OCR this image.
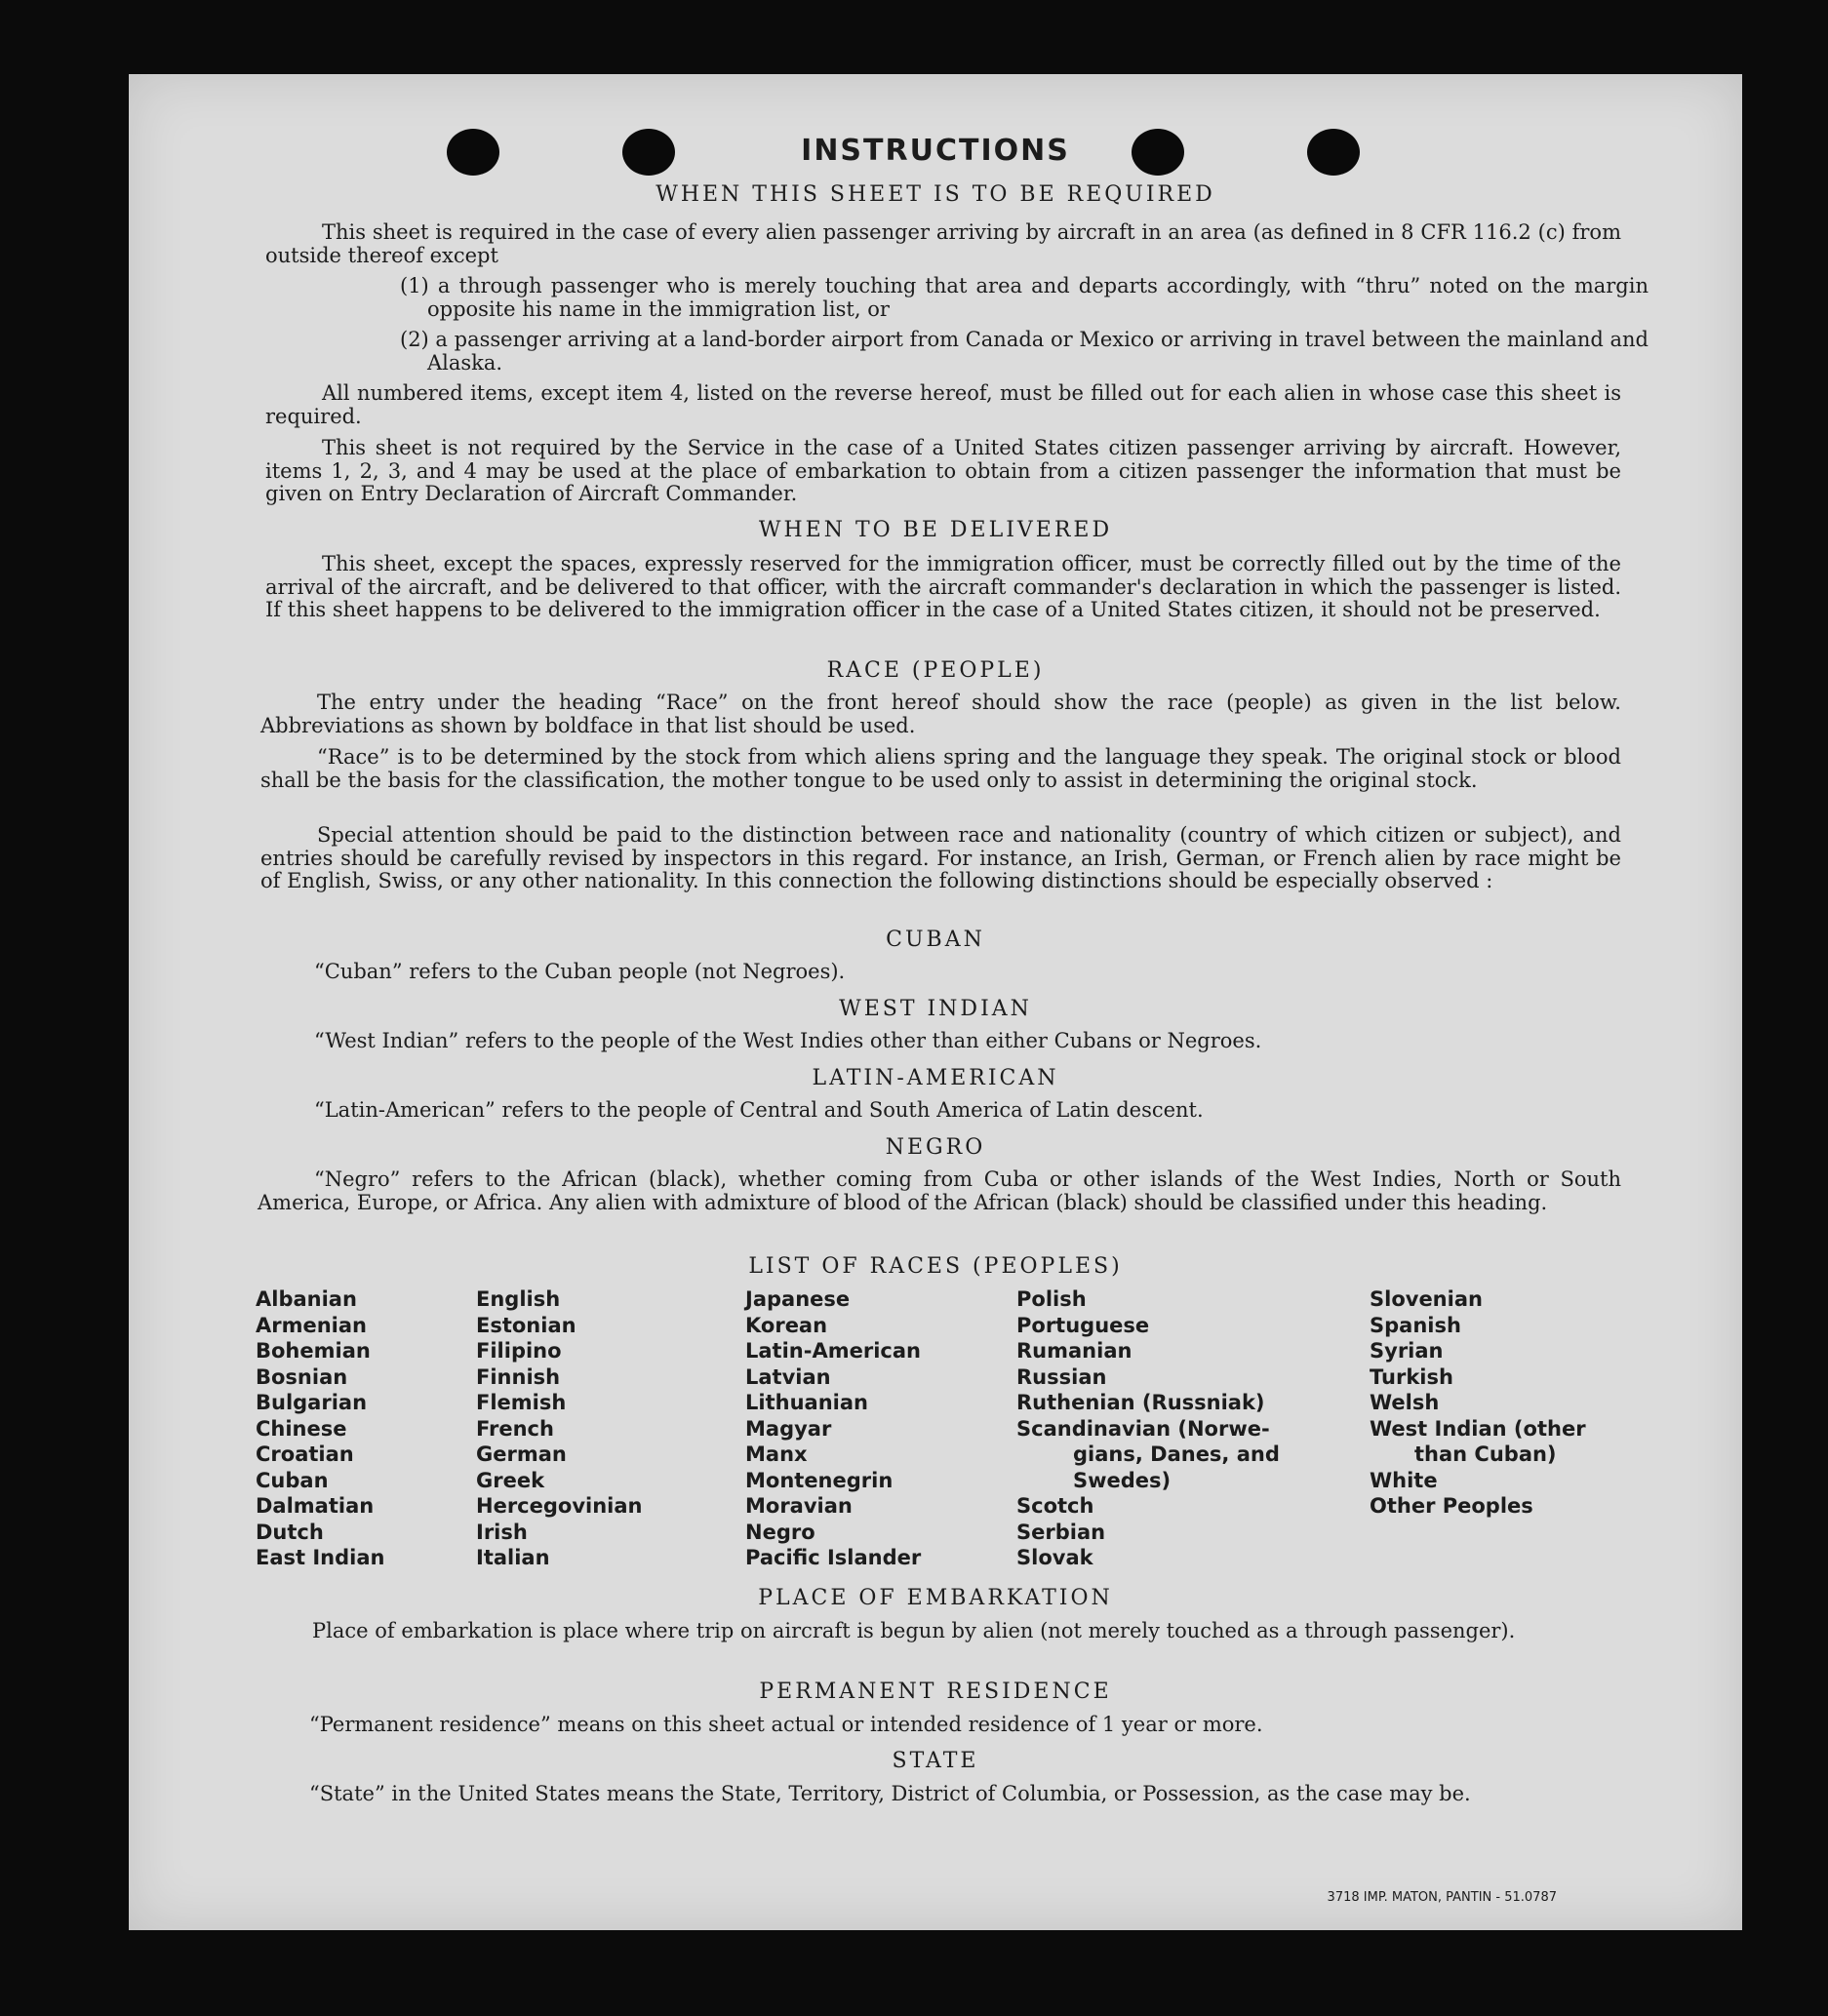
INSTRUCTIONS
WHEN THIS SHEET IS TO BE REQUIRED
This sheet is required in the case of every alien passenger arriving by aircraft in an area (as defined in 8 CFR 116.2 (c) from outside thereof except
(1) a through passenger who is merely touching that area and departs accordingly, with “thru” noted on the margin opposite his name in the immigration list, or
(2) a passenger arriving at a land-border airport from Canada or Mexico or arriving in travel between the mainland and Alaska.
All numbered items, except item 4, listed on the reverse hereof, must be filled out for each alien in whose case this sheet is required.
This sheet is not required by the Service in the case of a United States citizen passenger arriving by aircraft. However, items 1, 2, 3, and 4 may be used at the place of embarkation to obtain from a citizen passenger the information that must be given on Entry Declaration of Aircraft Commander.
WHEN TO BE DELIVERED
This sheet, except the spaces, expressly reserved for the immigration officer, must be correctly filled out by the time of the arrival of the aircraft, and be delivered to that officer, with the aircraft commander's declaration in which the passenger is listed. If this sheet happens to be delivered to the immigration officer in the case of a United States citizen, it should not be preserved.
RACE (PEOPLE)
The entry under the heading “Race” on the front hereof should show the race (people) as given in the list below. Abbreviations as shown by boldface in that list should be used.
“Race” is to be determined by the stock from which aliens spring and the language they speak. The original stock or blood shall be the basis for the classification, the mother tongue to be used only to assist in determining the original stock.
Special attention should be paid to the distinction between race and nationality (country of which citizen or subject), and entries should be carefully revised by inspectors in this regard. For instance, an Irish, German, or French alien by race might be of English, Swiss, or any other nationality. In this connection the following distinctions should be especially observed :
CUBAN
“Cuban” refers to the Cuban people (not Negroes).
WEST INDIAN
“West Indian” refers to the people of the West Indies other than either Cubans or Negroes.
LATIN-AMERICAN
“Latin-American” refers to the people of Central and South America of Latin descent.
NEGRO
“Negro” refers to the African (black), whether coming from Cuba or other islands of the West Indies, North or South America, Europe, or Africa. Any alien with admixture of blood of the African (black) should be classified under this heading.
LIST OF RACES (PEOPLES)
Albanian
Armenian
Bohemian
Bosnian
Bulgarian
Chinese
Croatian
Cuban
Dalmatian
Dutch
East Indian
English
Estonian
Filipino
Finnish
Flemish
French
German
Greek
Hercegovinian
Irish
Italian
Japanese
Korean
Latin-American
Latvian
Lithuanian
Magyar
Manx
Montenegrin
Moravian
Negro
Pacific Islander
Polish
Portuguese
Rumanian
Russian
Ruthenian (Russniak)
Scandinavian (Norwe-
gians, Danes, and
Swedes)
Scotch
Serbian
Slovak
Slovenian
Spanish
Syrian
Turkish
Welsh
West Indian (other
than Cuban)
White
Other Peoples
PLACE OF EMBARKATION
Place of embarkation is place where trip on aircraft is begun by alien (not merely touched as a through passenger).
PERMANENT RESIDENCE
“Permanent residence” means on this sheet actual or intended residence of 1 year or more.
STATE
“State” in the United States means the State, Territory, District of Columbia, or Possession, as the case may be.
3718 IMP. MATON, PANTIN - 51.0787
